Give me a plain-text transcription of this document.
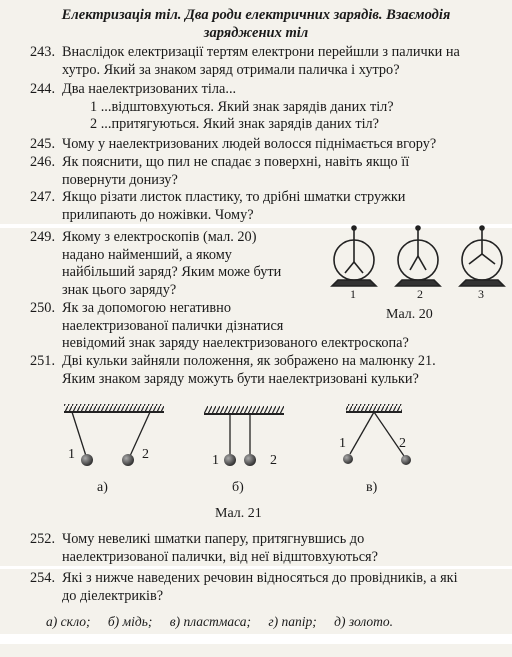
Електризація тіл. Два роди електричних зарядів. Взаємодія
заряджених тіл
243. Внаслідок електризації тертям електрони перейшли з палички на
хутро. Який за знаком заряд отримали паличка і хутро?
244. Два наелектризованих тіла...
1 ...відштовхуються. Який знак зарядів даних тіл?
2 ...притягуються. Який знак зарядів даних тіл?
245. Чому у наелектризованих людей волосся піднімається вгору?
246. Як пояснити, що пил не спадає з поверхні, навіть якщо її
повернути донизу?
247. Якщо різати листок пластику, то дрібні шматки стружки
прилипають до ножівки. Чому?
249. Якому з електроскопів (мал. 20)
надано найменший, а якому
найбільший заряд? Яким може бути
знак цього заряду?	1	2	3
Мал. 20
250. Як за допомогою негативно
наелектризованої палички дізнатися
невідомий знак заряду наелектризованого електроскопа?
251. Дві кульки зайняли положення, як зображено на малюнку 21.
Яким знаком заряду можуть бути наелектризовані кульки?
1	2	1	2
1	2
а)	б)	в)
Мал. 21
252. Чому невеликі шматки паперу, притягнувшись до
наелектризованої палички, від неї відштовхуються?
254. Які з нижче наведених речовин відносяться до провідників, а які
до діелектриків?
а) скло; б) мідь; в) пластмаса; г) папір; д) золото.
